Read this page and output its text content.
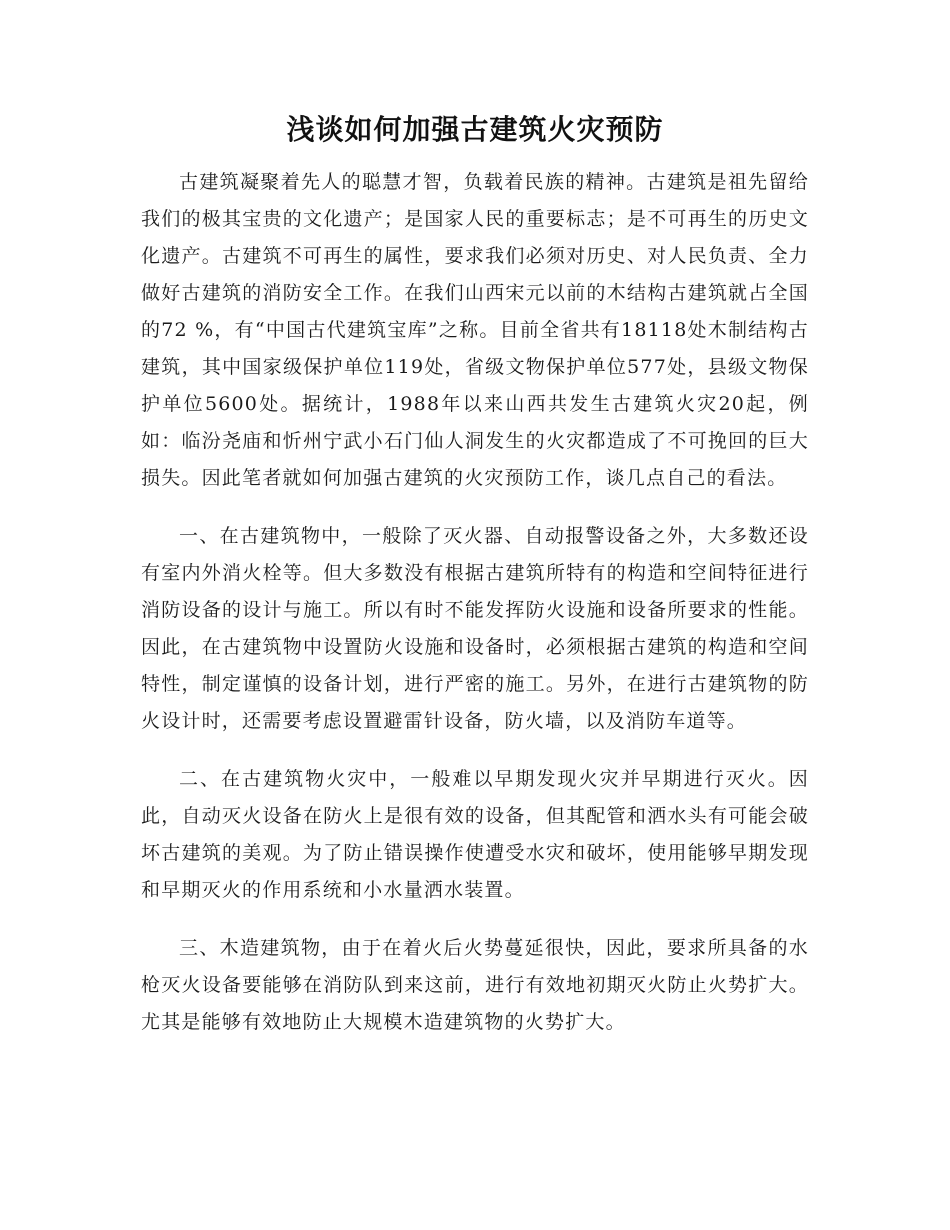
浅谈如何加强古建筑火灾预防

古建筑凝聚着先人的聪慧才智，负载着民族的精神。古建筑是祖先留给我们的极其宝贵的文化遗产；是国家人民的重要标志；是不可再生的历史文化遗产。古建筑不可再生的属性，要求我们必须对历史、对人民负责、全力做好古建筑的消防安全工作。在我们山西宋元以前的木结构古建筑就占全国的72 %，有“中国古代建筑宝库”之称。目前全省共有18118处木制结构古建筑，其中国家级保护单位119处，省级文物保护单位577处，县级文物保护单位5600处。据统计，1988年以来山西共发生古建筑火灾20起，例如：临汾尧庙和忻州宁武小石门仙人洞发生的火灾都造成了不可挽回的巨大损失。因此笔者就如何加强古建筑的火灾预防工作，谈几点自己的看法。

一、在古建筑物中，一般除了灭火器、自动报警设备之外，大多数还设有室内外消火栓等。但大多数没有根据古建筑所特有的构造和空间特征进行消防设备的设计与施工。所以有时不能发挥防火设施和设备所要求的性能。因此，在古建筑物中设置防火设施和设备时，必须根据古建筑的构造和空间特性，制定谨慎的设备计划，进行严密的施工。另外，在进行古建筑物的防火设计时，还需要考虑设置避雷针设备，防火墙，以及消防车道等。

二、在古建筑物火灾中，一般难以早期发现火灾并早期进行灭火。因此，自动灭火设备在防火上是很有效的设备，但其配管和洒水头有可能会破坏古建筑的美观。为了防止错误操作使遭受水灾和破坏，使用能够早期发现和早期灭火的作用系统和小水量洒水装置。

三、木造建筑物，由于在着火后火势蔓延很快，因此，要求所具备的水枪灭火设备要能够在消防队到来这前，进行有效地初期灭火防止火势扩大。尤其是能够有效地防止大规模木造建筑物的火势扩大。
